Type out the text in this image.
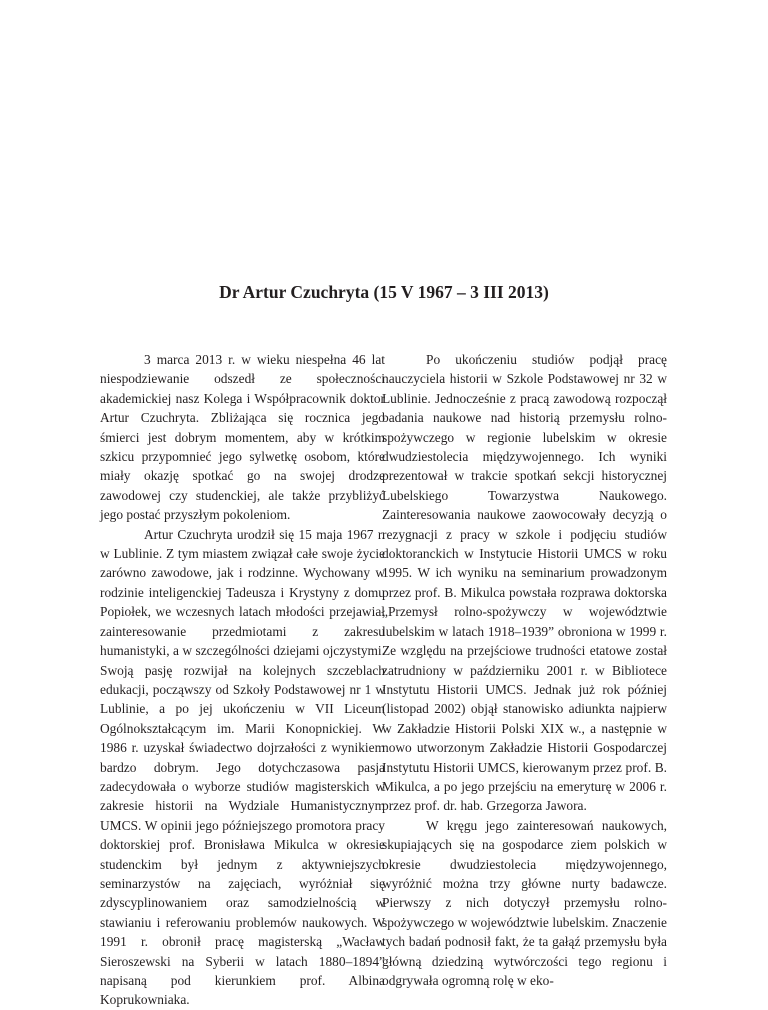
Dr Artur Czuchryta (15 V 1967 – 3 III 2013)

3 marca 2013 r. w wieku niespełna 46 lat niespodziewanie odszedł ze społeczności akademickiej nasz Kolega i Współpracownik doktor Artur Czuchryta. Zbliżająca się rocznica jego śmierci jest dobrym momentem, aby w krótkim szkicu przypomnieć jego sylwetkę osobom, które miały okazję spotkać go na swojej drodze zawodowej czy studenckiej, ale także przybliżyć jego postać przyszłym pokoleniom.

Artur Czuchryta urodził się 15 maja 1967 r. w Lublinie. Z tym miastem związał całe swoje życie zarówno zawodowe, jak i rodzinne. Wychowany w rodzinie inteligenckiej Tadeusza i Krystyny z domu Popiołek, we wczesnych latach młodości przejawiał zainteresowanie przedmiotami z zakresu humanistyki, a w szczególności dziejami ojczystymi. Swoją pasję rozwijał na kolejnych szczeblach edukacji, począwszy od Szkoły Podstawowej nr 1 w Lublinie, a po jej ukończeniu w VII Liceum Ogólnokształcącym im. Marii Konopnickiej. W 1986 r. uzyskał świadectwo dojrzałości z wynikiem bardzo dobrym. Jego dotychczasowa pasja zadecydowała o wyborze studiów magisterskich w zakresie historii na Wydziale Humanistycznym UMCS. W opinii jego późniejszego promotora pracy doktorskiej prof. Bronisława Mikulca w okresie studenckim był jednym z aktywniejszych seminarzystów na zajęciach, wyróżniał się zdyscyplinowaniem oraz samodzielnością w stawianiu i referowaniu problemów naukowych. W 1991 r. obronił pracę magisterską „Wacław Sieroszewski na Syberii w latach 1880–1894” napisaną pod kierunkiem prof. Albina Koprukowniaka.

Po ukończeniu studiów podjął pracę nauczyciela historii w Szkole Podstawowej nr 32 w Lublinie. Jednocześnie z pracą zawodową rozpoczął badania naukowe nad historią przemysłu rolno-spożywczego w regionie lubelskim w okresie dwudziestolecia międzywojennego. Ich wyniki prezentował w trakcie spotkań sekcji historycznej Lubelskiego Towarzystwa Naukowego. Zainteresowania naukowe zaowocowały decyzją o rezygnacji z pracy w szkole i podjęciu studiów doktoranckich w Instytucie Historii UMCS w roku 1995. W ich wyniku na seminarium prowadzonym przez prof. B. Mikulca powstała rozprawa doktorska „Przemysł rolno-spożywczy w województwie lubelskim w latach 1918–1939” obroniona w 1999 r. Ze względu na przejściowe trudności etatowe został zatrudniony w październiku 2001 r. w Bibliotece Instytutu Historii UMCS. Jednak już rok później (listopad 2002) objął stanowisko adiunkta najpierw w Zakładzie Historii Polski XIX w., a następnie w nowo utworzonym Zakładzie Historii Gospodarczej Instytutu Historii UMCS, kierowanym przez prof. B. Mikulca, a po jego przejściu na emeryturę w 2006 r. przez prof. dr. hab. Grzegorza Jawora.

W kręgu jego zainteresowań naukowych, skupiających się na gospodarce ziem polskich w okresie dwudziestolecia międzywojennego, wyróżnić można trzy główne nurty badawcze. Pierwszy z nich dotyczył przemysłu rolno-spożywczego w województwie lubelskim. Znaczenie tych badań podnosił fakt, że ta gałąź przemysłu była główną dziedziną wytwórczości tego regionu i odgrywała ogromną rolę w eko-
